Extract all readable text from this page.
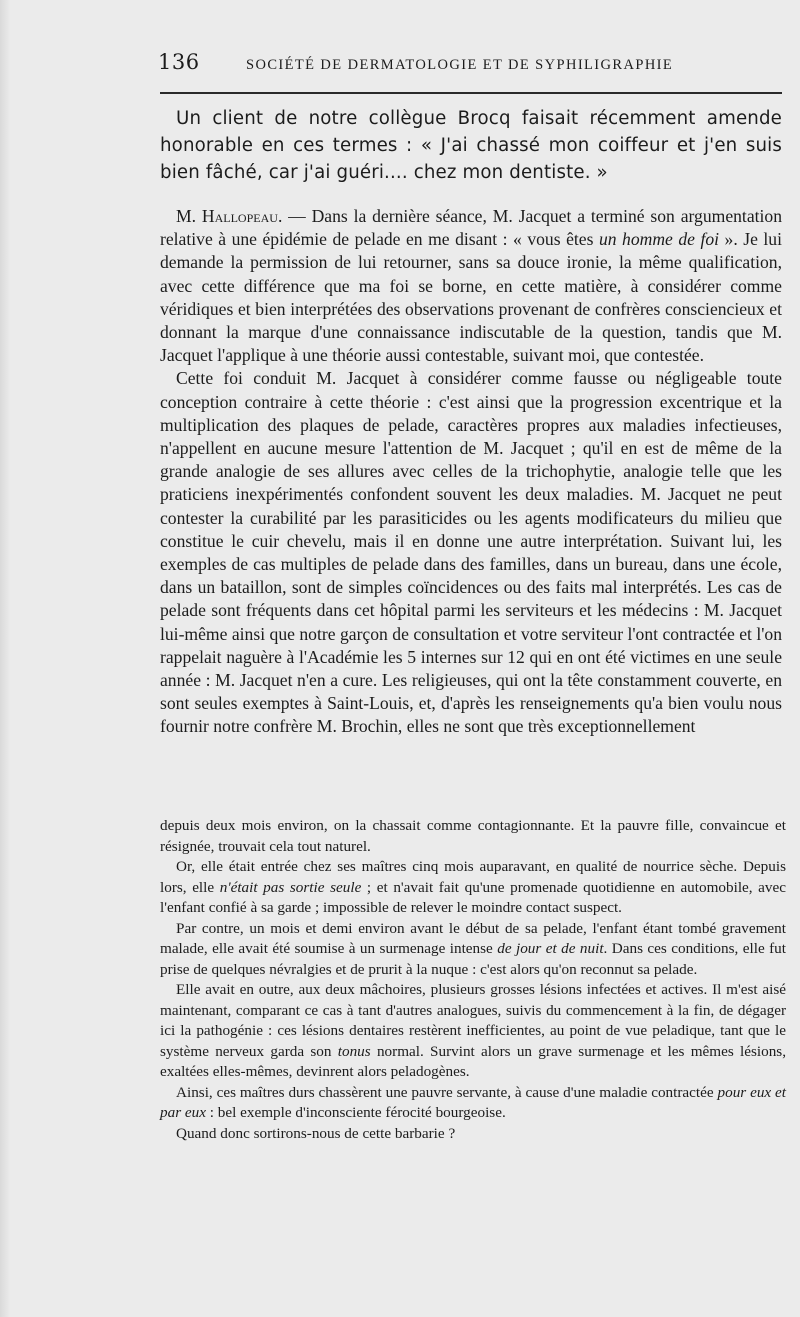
136	SOCIÉTÉ DE DERMATOLOGIE ET DE SYPHILIGRAPHIE

Un client de notre collègue Brocq faisait récemment amende honorable en ces termes : « J'ai chassé mon coiffeur et j'en suis bien fâché, car j'ai guéri.... chez mon dentiste. »

M. Hallopeau. — Dans la dernière séance, M. Jacquet a terminé son argumentation relative à une épidémie de pelade en me disant : « vous êtes un homme de foi ». Je lui demande la permission de lui retourner, sans sa douce ironie, la même qualification, avec cette différence que ma foi se borne, en cette matière, à considérer comme véridiques et bien interprétées des observations provenant de confrères consciencieux et donnant la marque d'une connaissance indiscutable de la question, tandis que M. Jacquet l'applique à une théorie aussi contestable, suivant moi, que contestée.

Cette foi conduit M. Jacquet à considérer comme fausse ou négligeable toute conception contraire à cette théorie : c'est ainsi que la progression excentrique et la multiplication des plaques de pelade, caractères propres aux maladies infectieuses, n'appellent en aucune mesure l'attention de M. Jacquet ; qu'il en est de même de la grande analogie de ses allures avec celles de la trichophytie, analogie telle que les praticiens inexpérimentés confondent souvent les deux maladies. M. Jacquet ne peut contester la curabilité par les parasiticides ou les agents modificateurs du milieu que constitue le cuir chevelu, mais il en donne une autre interprétation. Suivant lui, les exemples de cas multiples de pelade dans des familles, dans un bureau, dans une école, dans un bataillon, sont de simples coïncidences ou des faits mal interprétés. Les cas de pelade sont fréquents dans cet hôpital parmi les serviteurs et les médecins : M. Jacquet lui-même ainsi que notre garçon de consultation et votre serviteur l'ont contractée et l'on rappelait naguère à l'Académie les 5 internes sur 12 qui en ont été victimes en une seule année : M. Jacquet n'en a cure. Les religieuses, qui ont la tête constamment couverte, en sont seules exemptes à Saint-Louis, et, d'après les renseignements qu'a bien voulu nous fournir notre confrère M. Brochin, elles ne sont que très exceptionnellement

depuis deux mois environ, on la chassait comme contagionnante. Et la pauvre fille, convaincue et résignée, trouvait cela tout naturel.

Or, elle était entrée chez ses maîtres cinq mois auparavant, en qualité de nourrice sèche. Depuis lors, elle n'était pas sortie seule ; et n'avait fait qu'une promenade quotidienne en automobile, avec l'enfant confié à sa garde ; impossible de relever le moindre contact suspect.

Par contre, un mois et demi environ avant le début de sa pelade, l'enfant étant tombé gravement malade, elle avait été soumise à un surmenage intense de jour et de nuit. Dans ces conditions, elle fut prise de quelques névralgies et de prurit à la nuque : c'est alors qu'on reconnut sa pelade.

Elle avait en outre, aux deux mâchoires, plusieurs grosses lésions infectées et actives. Il m'est aisé maintenant, comparant ce cas à tant d'autres analogues, suivis du commencement à la fin, de dégager ici la pathogénie : ces lésions dentaires restèrent inefficientes, au point de vue peladique, tant que le système nerveux garda son tonus normal. Survint alors un grave surmenage et les mêmes lésions, exaltées elles-mêmes, devinrent alors peladogènes.

Ainsi, ces maîtres durs chassèrent une pauvre servante, à cause d'une maladie contractée pour eux et par eux : bel exemple d'inconsciente férocité bourgeoise.

Quand donc sortirons-nous de cette barbarie ?
